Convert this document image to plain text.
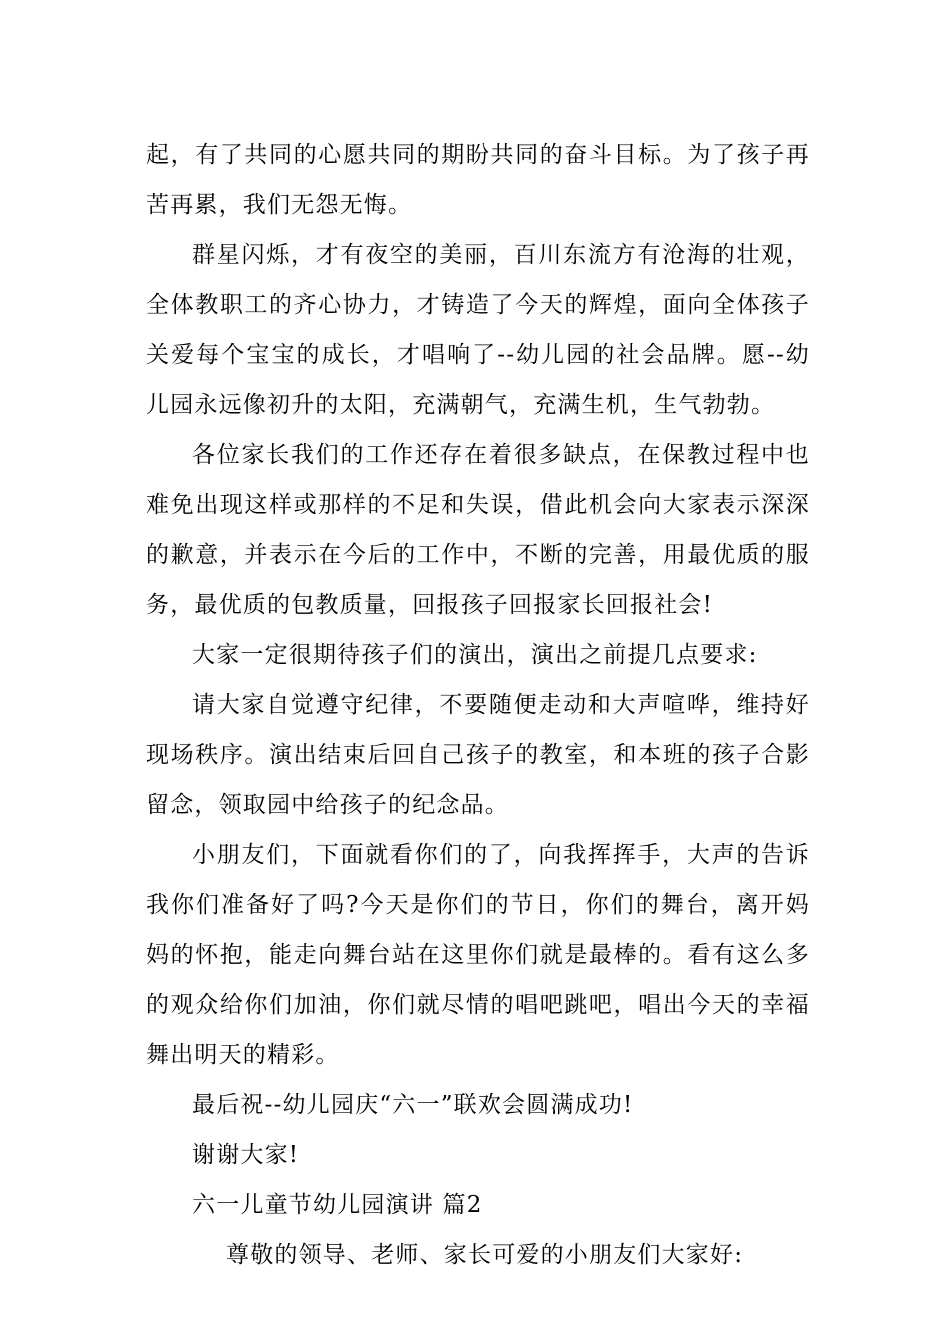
起，有了共同的心愿共同的期盼共同的奋斗目标。为了孩子再苦再累，我们无怨无悔。

群星闪烁，才有夜空的美丽，百川东流方有沧海的壮观，全体教职工的齐心协力，才铸造了今天的辉煌，面向全体孩子关爱每个宝宝的成长，才唱响了--幼儿园的社会品牌。愿--幼儿园永远像初升的太阳，充满朝气，充满生机，生气勃勃。

各位家长我们的工作还存在着很多缺点，在保教过程中也难免出现这样或那样的不足和失误，借此机会向大家表示深深的歉意，并表示在今后的工作中，不断的完善，用最优质的服务，最优质的包教质量，回报孩子回报家长回报社会!

大家一定很期待孩子们的演出，演出之前提几点要求:

请大家自觉遵守纪律，不要随便走动和大声喧哗，维持好现场秩序。演出结束后回自己孩子的教室，和本班的孩子合影留念，领取园中给孩子的纪念品。

小朋友们，下面就看你们的了，向我挥挥手，大声的告诉我你们准备好了吗?今天是你们的节日，你们的舞台，离开妈妈的怀抱，能走向舞台站在这里你们就是最棒的。看有这么多的观众给你们加油，你们就尽情的唱吧跳吧，唱出今天的幸福舞出明天的精彩。

最后祝--幼儿园庆“六一”联欢会圆满成功!

谢谢大家!

六一儿童节幼儿园演讲 篇2

尊敬的领导、老师、家长可爱的小朋友们大家好:
